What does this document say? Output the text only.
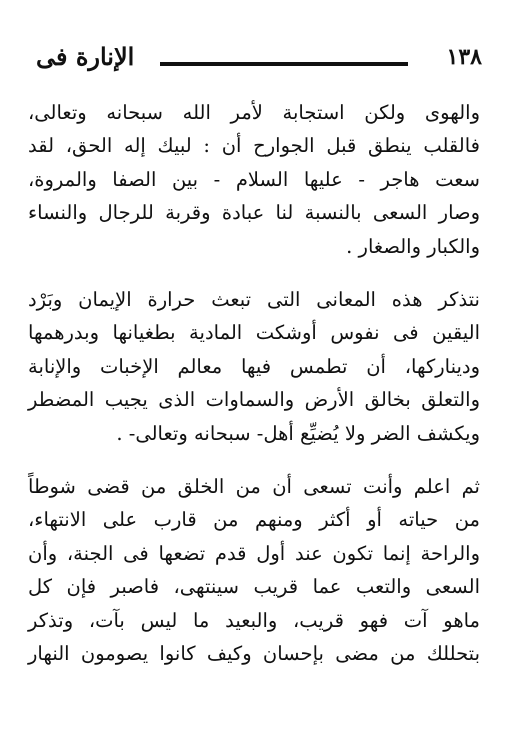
١٣٨
الإنارة فى

والهوى ولكن استجابة لأمر الله سبحانه وتعالى،
فالقلب ينطق قبل الجوارح أن : لبيك إله الحق، لقد
سعت هاجر - عليها السلام - بين الصفا والمروة،
وصار السعى بالنسبة لنا عبادة وقربة للرجال والنساء
والكبار والصغار .

نتذكر هذه المعانى التى تبعث حرارة الإيمان وبَرْد
اليقين فى نفوس أوشكت المادية بطغيانها وبدرهمها
وديناركها، أن تطمس فيها معالم الإخبات والإنابة
والتعلق بخالق الأرض والسماوات الذى يجيب المضطر
ويكشف الضر ولا يُضيِّع أهل- سبحانه وتعالى- .

ثم اعلم وأنت تسعى أن من الخلق من قضى شوطاً
من حياته أو أكثر ومنهم من قارب على الانتهاء،
والراحة إنما تكون عند أول قدم تضعها فى الجنة، وأن
السعى والتعب عما قريب سينتهى، فاصبر فإن كل
ماهو آت فهو قريب، والبعيد ما ليس بآت، وتذكر
بتحللك من مضى بإحسان وكيف كانوا يصومون النهار
